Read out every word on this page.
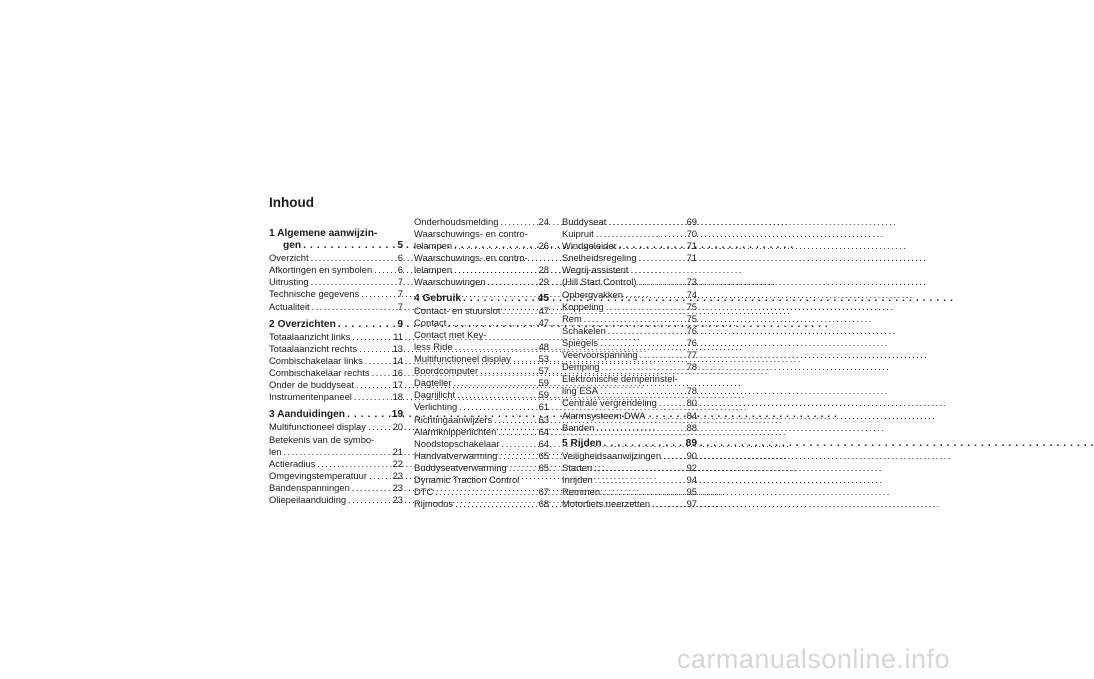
Inhoud
1 Algemene aanwijzin-
gen . . .	5
Overzicht . . .	6
Afkortingen en symbolen . . .	6
Uitrusting . . .	7
Technische gegevens . . .	7
Actualiteit . . .	7
2 Overzichten . . .	9
Totaalaanzicht links . . .	11
Totaalaanzicht rechts . . .	13
Combischakelaar links . . .	14
Combischakelaar rechts . . . 16
Onder de buddyseat . . .	17
Instrumentenpaneel . . .	18
3 Aanduidingen . . .	19
Multifunctioneel display . . .	20
Betekenis van de symbo-
len . . .	21
Actieradius . . .	22
Omgevingstemperatuur . . .	23
Bandenspanningen . . .	23
Oliepeilaanduiding . . .	23
Onderhoudsmelding . . .	24
Waarschuwings- en contro-
lelampen . . .	26
Waarschuwings- en contro-
lelampen . . .	28
Waarschuwingen . . .	29
4 Gebruik . . .	45
Contact- en stuurslot . . .	47
Contact . . .	47
Contact met Key-
less Ride . . .	48
Multifunctioneel display . . .	53
Boordcomputer . . .	57
Dagteller . . .	59
Dagrijlicht . . .	59
Verlichting . . .	61
Richtingaanwijzers . . .	63
Alarmknipperlichten . . .	64
Noodstopschakelaar . . .	64
Handvatverwarming . . .	65
Buddyseatverwarming . . .	65
Dynamic Traction Control
DTC . . .	67
Rijmodus . . .	68
Buddyseat . . .	69
Kuipruit . . .	70
Windgeleider . . .	71
Snelheidsregeling . . .	71
Wegrij-assistent
(Hill Start Control) . . .	73
Opbergvakken . . .	74
Koppeling . . .	75
Rem . . .	75
Schakelen . . .	76
Spiegels . . .	76
Veervoorspanning . . .	77
Demping . . .	78
Elektronische demperinstel-
ling ESA . . .	78
Centrale vergrendeling . . .	80
Alarmsysteem DWA . . .	84
Banden . . .	88
5 Rijden . . .	89
Veiligheidsaanwijzingen . . .	90
Starten . . .	92
Inrijden . . .	94
Remmen . . .	95
Motorfiets neerzetten . . .	97
carmanualsonline.info
